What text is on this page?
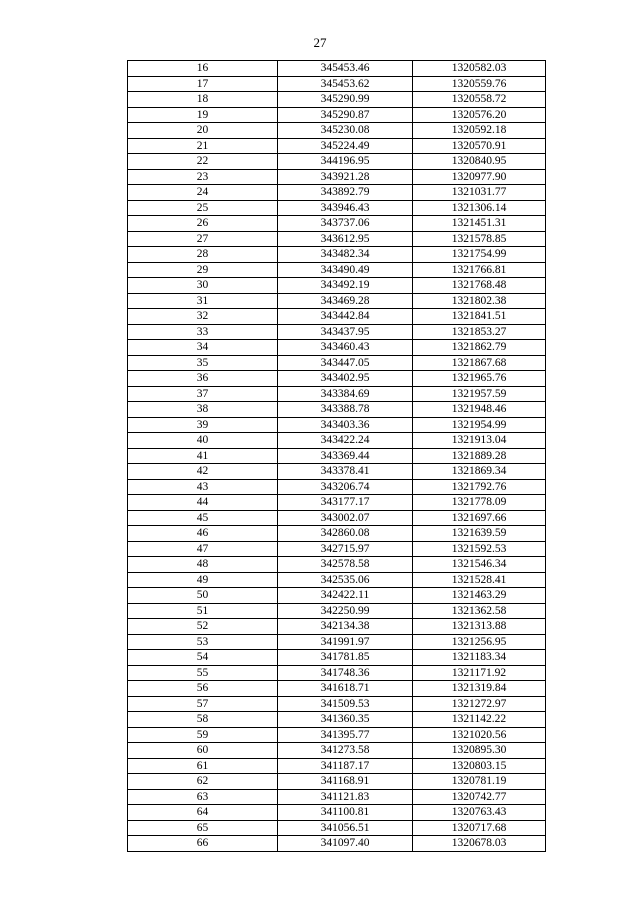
27
16	345453.46	1320582.03
17	345453.62	1320559.76
18	345290.99	1320558.72
19	345290.87	1320576.20
20	345230.08	1320592.18
21	345224.49	1320570.91
22	344196.95	1320840.95
23	343921.28	1320977.90
24	343892.79	1321031.77
25	343946.43	1321306.14
26	343737.06	1321451.31
27	343612.95	1321578.85
28	343482.34	1321754.99
29	343490.49	1321766.81
30	343492.19	1321768.48
31	343469.28	1321802.38
32	343442.84	1321841.51
33	343437.95	1321853.27
34	343460.43	1321862.79
35	343447.05	1321867.68
36	343402.95	1321965.76
37	343384.69	1321957.59
38	343388.78	1321948.46
39	343403.36	1321954.99
40	343422.24	1321913.04
41	343369.44	1321889.28
42	343378.41	1321869.34
43	343206.74	1321792.76
44	343177.17	1321778.09
45	343002.07	1321697.66
46	342860.08	1321639.59
47	342715.97	1321592.53
48	342578.58	1321546.34
49	342535.06	1321528.41
50	342422.11	1321463.29
51	342250.99	1321362.58
52	342134.38	1321313.88
53	341991.97	1321256.95
54	341781.85	1321183.34
55	341748.36	1321171.92
56	341618.71	1321319.84
57	341509.53	1321272.97
58	341360.35	1321142.22
59	341395.77	1321020.56
60	341273.58	1320895.30
61	341187.17	1320803.15
62	341168.91	1320781.19
63	341121.83	1320742.77
64	341100.81	1320763.43
65	341056.51	1320717.68
66	341097.40	1320678.03
